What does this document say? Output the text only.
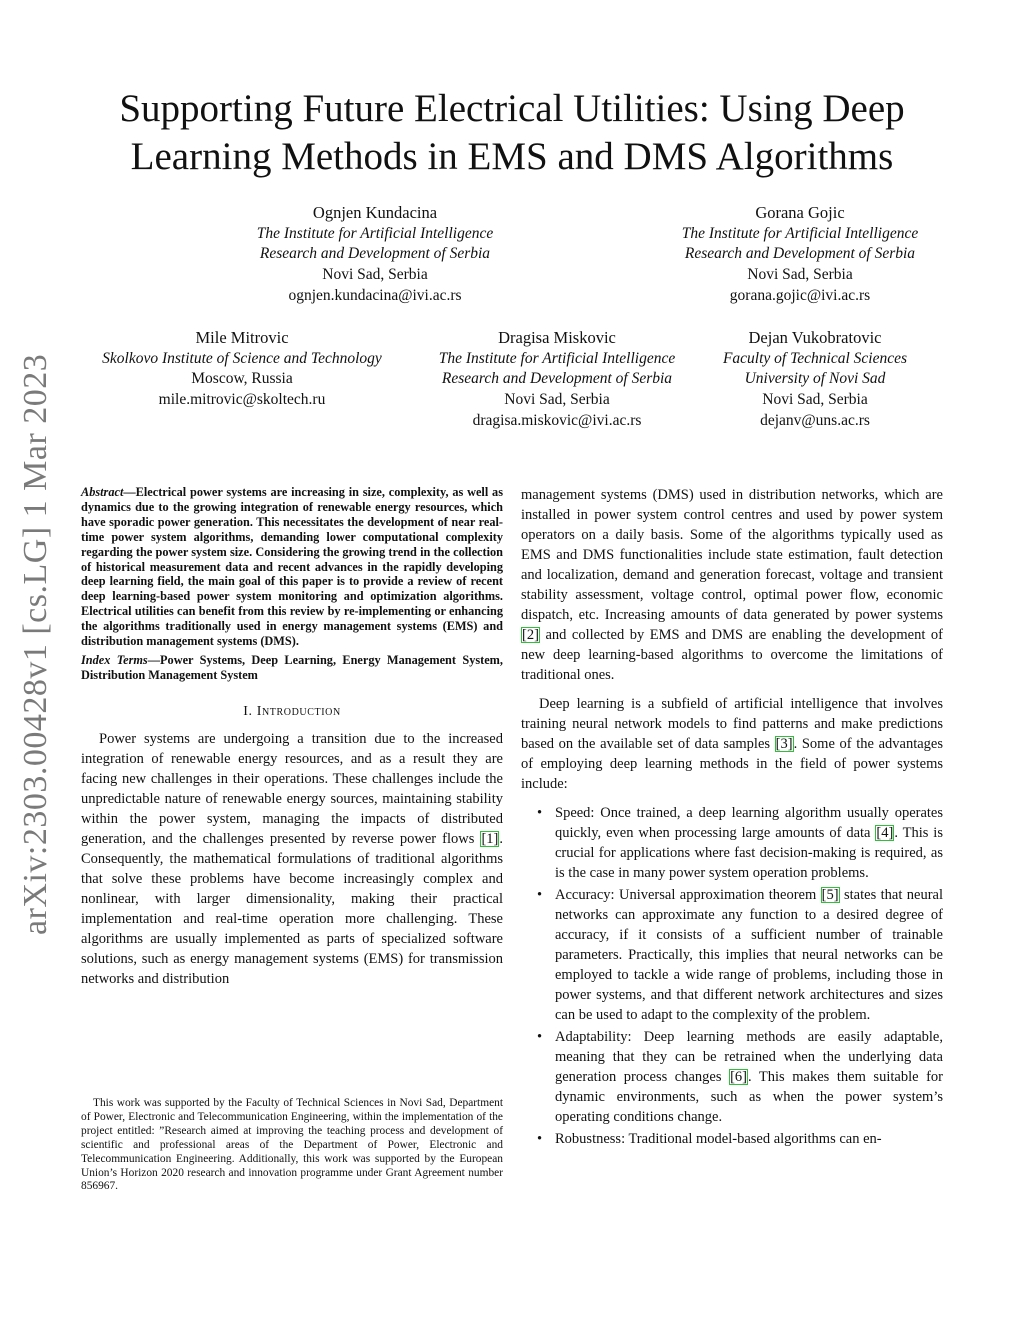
arXiv:2303.00428v1 [cs.LG] 1 Mar 2023
Supporting Future Electrical Utilities: Using Deep Learning Methods in EMS and DMS Algorithms
Ognjen Kundacina
The Institute for Artificial Intelligence
Research and Development of Serbia
Novi Sad, Serbia
ognjen.kundacina@ivi.ac.rs
Gorana Gojic
The Institute for Artificial Intelligence
Research and Development of Serbia
Novi Sad, Serbia
gorana.gojic@ivi.ac.rs
Mile Mitrovic
Skolkovo Institute of Science and Technology
Moscow, Russia
mile.mitrovic@skoltech.ru
Dragisa Miskovic
The Institute for Artificial Intelligence
Research and Development of Serbia
Novi Sad, Serbia
dragisa.miskovic@ivi.ac.rs
Dejan Vukobratovic
Faculty of Technical Sciences
University of Novi Sad
Novi Sad, Serbia
dejanv@uns.ac.rs

Abstract—Electrical power systems are increasing in size, complexity, as well as dynamics due to the growing integration of renewable energy resources, which have sporadic power generation. This necessitates the development of near real-time power system algorithms, demanding lower computational complexity regarding the power system size. Considering the growing trend in the collection of historical measurement data and recent advances in the rapidly developing deep learning field, the main goal of this paper is to provide a review of recent deep learning-based power system monitoring and optimization algorithms. Electrical utilities can benefit from this review by re-implementing or enhancing the algorithms traditionally used in energy management systems (EMS) and distribution management systems (DMS).

Index Terms—Power Systems, Deep Learning, Energy Management System, Distribution Management System

I. Introduction

Power systems are undergoing a transition due to the increased integration of renewable energy resources, and as a result they are facing new challenges in their operations. These challenges include the unpredictable nature of renewable energy sources, maintaining stability within the power system, managing the impacts of distributed generation, and the challenges presented by reverse power flows [1]. Consequently, the mathematical formulations of traditional algorithms that solve these problems have become increasingly complex and nonlinear, with larger dimensionality, making their practical implementation and real-time operation more challenging. These algorithms are usually implemented as parts of specialized software solutions, such as energy management systems (EMS) for transmission networks and distribution

This work was supported by the Faculty of Technical Sciences in Novi Sad, Department of Power, Electronic and Telecommunication Engineering, within the implementation of the project entitled: ”Research aimed at improving the teaching process and development of scientific and professional areas of the Department of Power, Electronic and Telecommunication Engineering. Additionally, this work was supported by the European Union’s Horizon 2020 research and innovation programme under Grant Agreement number 856967.

management systems (DMS) used in distribution networks, which are installed in power system control centres and used by power system operators on a daily basis. Some of the algorithms typically used as EMS and DMS functionalities include state estimation, fault detection and localization, demand and generation forecast, voltage and transient stability assessment, voltage control, optimal power flow, economic dispatch, etc. Increasing amounts of data generated by power systems [2] and collected by EMS and DMS are enabling the development of new deep learning-based algorithms to overcome the limitations of traditional ones.

Deep learning is a subfield of artificial intelligence that involves training neural network models to find patterns and make predictions based on the available set of data samples [3]. Some of the advantages of employing deep learning methods in the field of power systems include:

• Speed: Once trained, a deep learning algorithm usually operates quickly, even when processing large amounts of data [4]. This is crucial for applications where fast decision-making is required, as is the case in many power system operation problems.
• Accuracy: Universal approximation theorem [5] states that neural networks can approximate any function to a desired degree of accuracy, if it consists of a sufficient number of trainable parameters. Practically, this implies that neural networks can be employed to tackle a wide range of problems, including those in power systems, and that different network architectures and sizes can be used to adapt to the complexity of the problem.
• Adaptability: Deep learning methods are easily adaptable, meaning that they can be retrained when the underlying data generation process changes [6]. This makes them suitable for dynamic environments, such as when the power system’s operating conditions change.
• Robustness: Traditional model-based algorithms can en-
